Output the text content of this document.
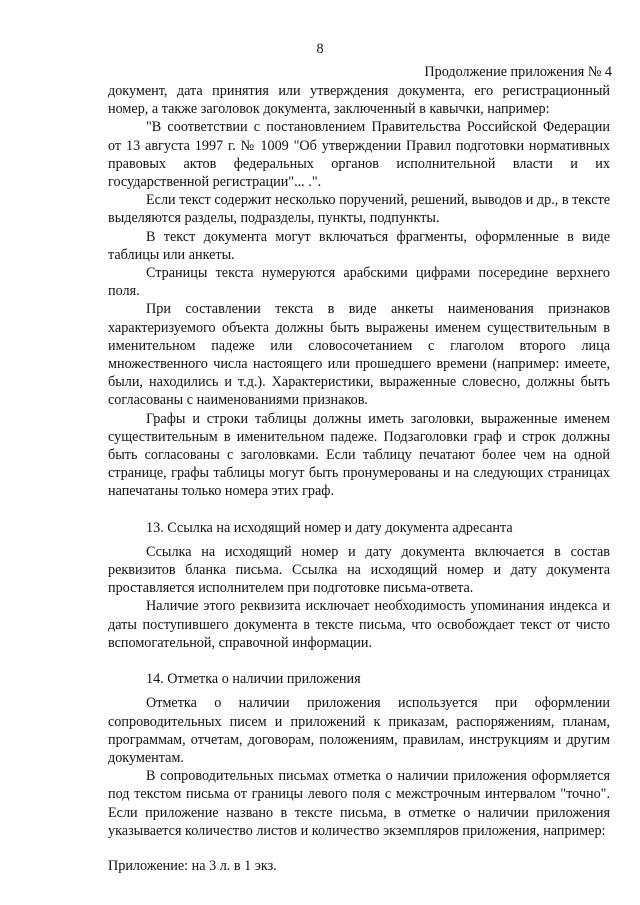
8
Продолжение приложения № 4

документ, дата принятия или утверждения документа, его регистрационный номер, а также заголовок документа, заключенный в кавычки, например:

"В соответствии с постановлением Правительства Российской Федерации от 13 августа 1997 г. № 1009 "Об утверждении Правил подготовки нормативных правовых актов федеральных органов исполнительной власти и их государственной регистрации"... .".

Если текст содержит несколько поручений, решений, выводов и др., в тексте выделяются разделы, подразделы, пункты, подпункты.

В текст документа могут включаться фрагменты, оформленные в виде таблицы или анкеты.

Страницы текста нумеруются арабскими цифрами посередине верхнего поля.

При составлении текста в виде анкеты наименования признаков характеризуемого объекта должны быть выражены именем существительным в именительном падеже или словосочетанием с глаголом второго лица множественного числа настоящего или прошедшего времени (например: имеете, были, находились и т.д.). Характеристики, выраженные словесно, должны быть согласованы с наименованиями признаков.

Графы и строки таблицы должны иметь заголовки, выраженные именем существительным в именительном падеже. Подзаголовки граф и строк должны быть согласованы с заголовками. Если таблицу печатают более чем на одной странице, графы таблицы могут быть пронумерованы и на следующих страницах напечатаны только номера этих граф.

13. Ссылка на исходящий номер и дату документа адресанта

Ссылка на исходящий номер и дату документа включается в состав реквизитов бланка письма. Ссылка на исходящий номер и дату документа проставляется исполнителем при подготовке письма-ответа.

Наличие этого реквизита исключает необходимость упоминания индекса и даты поступившего документа в тексте письма, что освобождает текст от чисто вспомогательной, справочной информации.

14. Отметка о наличии приложения

Отметка о наличии приложения используется при оформлении сопроводительных писем и приложений к приказам, распоряжениям, планам, программам, отчетам, договорам, положениям, правилам, инструкциям и другим документам.

В сопроводительных письмах отметка о наличии приложения оформляется под текстом письма от границы левого поля с межстрочным интервалом "точно". Если приложение названо в тексте письма, в отметке о наличии приложения указывается количество листов и количество экземпляров приложения, например:

Приложение: на 3 л. в 1 экз.
